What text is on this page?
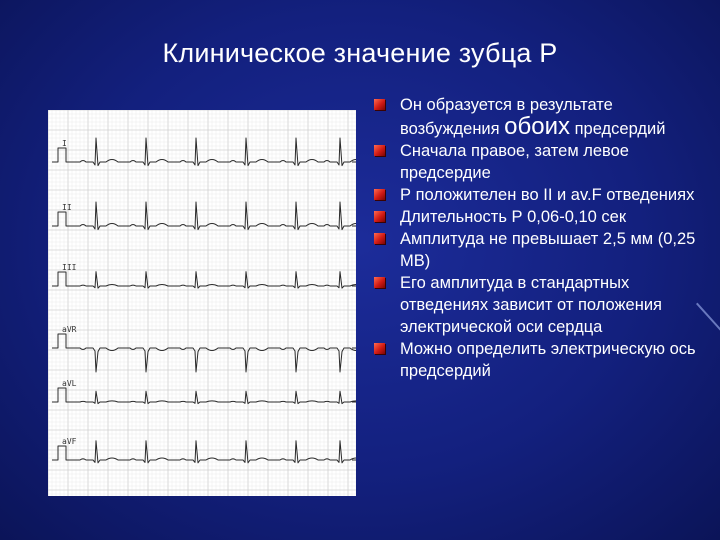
Клиническое значение зубца Р
I
II
III
aVR
aVL
aVF
Он образуется в результате возбуждения обоих предсердий
Сначала правое, затем левое предсердие
Р положителен во II и av.F отведениях
Длительность Р 0,06-0,10 сек
Амплитуда не превышает 2,5 мм (0,25 МВ)
Его амплитуда в стандартных отведениях зависит от положения электрической оси сердца
Можно определить электрическую ось предсердий
